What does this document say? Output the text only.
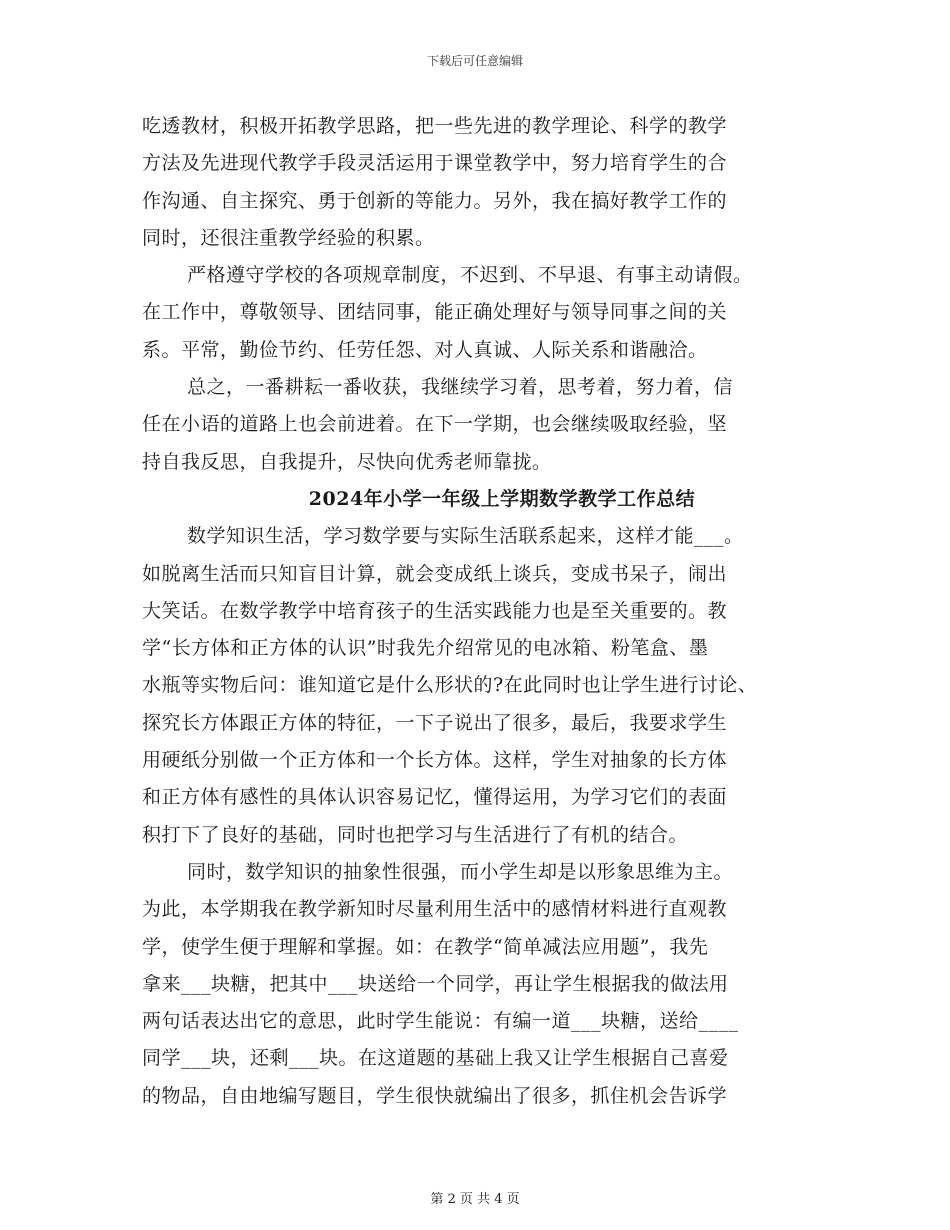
下载后可任意编辑
吃透教材，积极开拓教学思路，把一些先进的教学理论、科学的教学
方法及先进现代教学手段灵活运用于课堂教学中，努力培育学生的合
作沟通、自主探究、勇于创新的等能力。另外，我在搞好教学工作的
同时，还很注重教学经验的积累。
严格遵守学校的各项规章制度，不迟到、不早退、有事主动请假。
在工作中，尊敬领导、团结同事，能正确处理好与领导同事之间的关
系。平常，勤俭节约、任劳任怨、对人真诚、人际关系和谐融洽。
总之，一番耕耘一番收获，我继续学习着，思考着，努力着，信
任在小语的道路上也会前进着。在下一学期，也会继续吸取经验，坚
持自我反思，自我提升，尽快向优秀老师靠拢。
2024年小学一年级上学期数学教学工作总结
数学知识生活，学习数学要与实际生活联系起来，这样才能___。
如脱离生活而只知盲目计算，就会变成纸上谈兵，变成书呆子，闹出
大笑话。在数学教学中培育孩子的生活实践能力也是至关重要的。教
学“长方体和正方体的认识”时我先介绍常见的电冰箱、粉笔盒、墨
水瓶等实物后问：谁知道它是什么形状的?在此同时也让学生进行讨论、
探究长方体跟正方体的特征，一下子说出了很多，最后，我要求学生
用硬纸分别做一个正方体和一个长方体。这样，学生对抽象的长方体
和正方体有感性的具体认识容易记忆，懂得运用，为学习它们的表面
积打下了良好的基础，同时也把学习与生活进行了有机的结合。
同时，数学知识的抽象性很强，而小学生却是以形象思维为主。
为此，本学期我在教学新知时尽量利用生活中的感情材料进行直观教
学，使学生便于理解和掌握。如：在教学“简单减法应用题”，我先
拿来___块糖，把其中___块送给一个同学，再让学生根据我的做法用
两句话表达出它的意思，此时学生能说：有编一道___块糖，送给____
同学___块，还剩___块。在这道题的基础上我又让学生根据自己喜爱
的物品，自由地编写题目，学生很快就编出了很多，抓住机会告诉学
第 2 页 共 4 页
